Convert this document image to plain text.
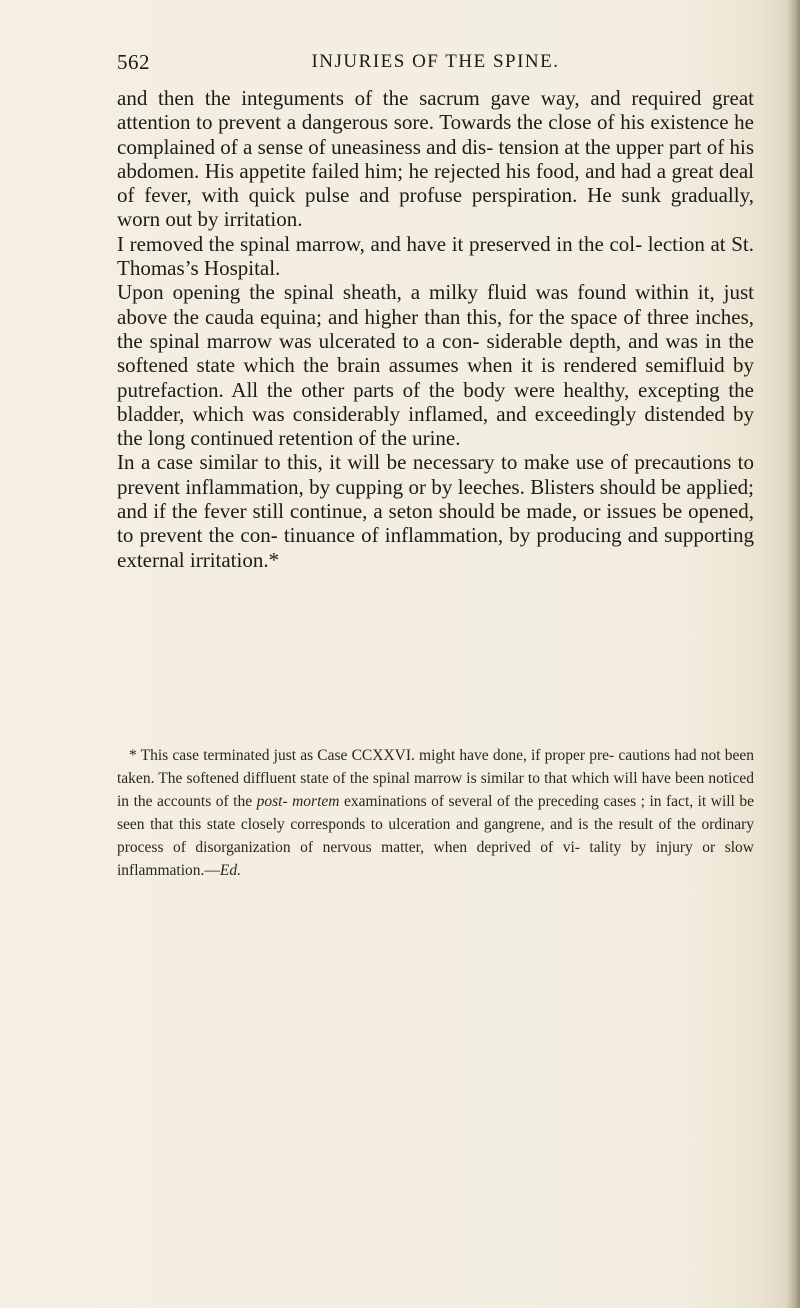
562	INJURIES OF THE SPINE.

and then the integuments of the sacrum gave way, and required great attention to prevent a dangerous sore. Towards the close of his existence he complained of a sense of uneasiness and dis- tension at the upper part of his abdomen. His appetite failed him; he rejected his food, and had a great deal of fever, with quick pulse and profuse perspiration. He sunk gradually, worn out by irritation.

I removed the spinal marrow, and have it preserved in the col- lection at St. Thomas’s Hospital.

Upon opening the spinal sheath, a milky fluid was found within it, just above the cauda equina; and higher than this, for the space of three inches, the spinal marrow was ulcerated to a con- siderable depth, and was in the softened state which the brain assumes when it is rendered semifluid by putrefaction. All the other parts of the body were healthy, excepting the bladder, which was considerably inflamed, and exceedingly distended by the long continued retention of the urine.

In a case similar to this, it will be necessary to make use of precautions to prevent inflammation, by cupping or by leeches. Blisters should be applied; and if the fever still continue, a seton should be made, or issues be opened, to prevent the con- tinuance of inflammation, by producing and supporting external irritation.*

* This case terminated just as Case CCXXVI. might have done, if proper pre- cautions had not been taken. The softened diffluent state of the spinal marrow is similar to that which will have been noticed in the accounts of the post- mortem examinations of several of the preceding cases ; in fact, it will be seen that this state closely corresponds to ulceration and gangrene, and is the result of the ordinary process of disorganization of nervous matter, when deprived of vi- tality by injury or slow inflammation.—Ed.
